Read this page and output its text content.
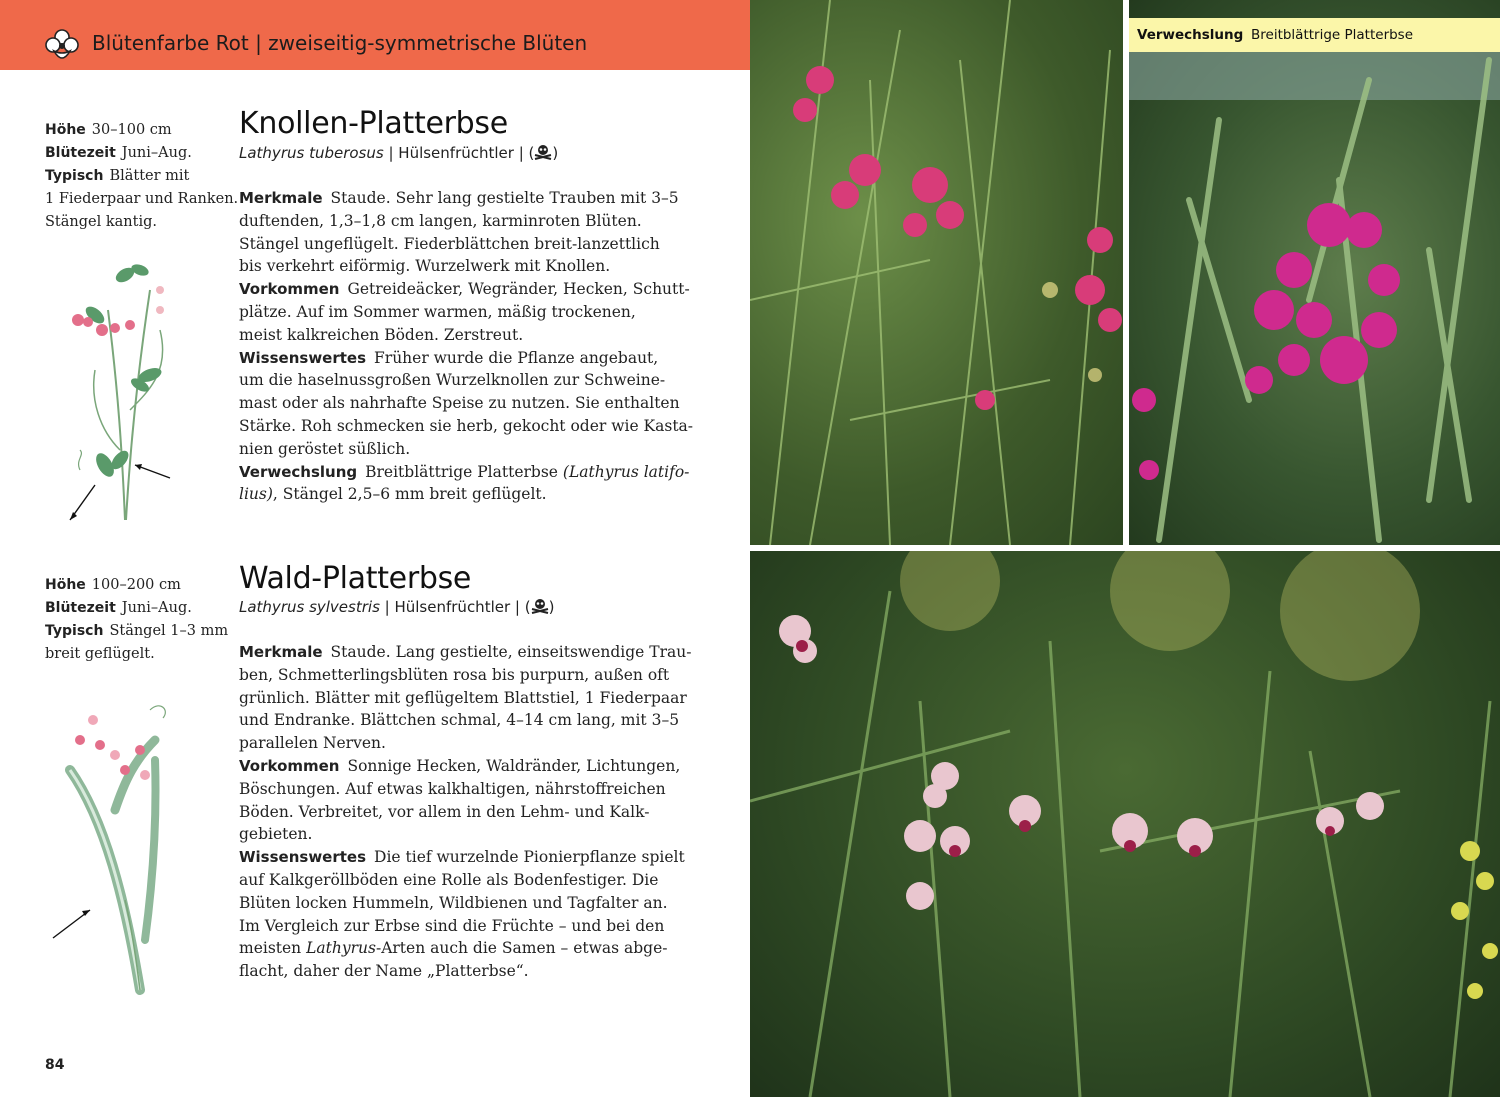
Blütenfarbe Rot | zweiseitig-symmetrische Blüten
Höhe 30–100 cm
Blütezeit Juni–Aug.
Typisch Blätter mit
1 Fiederpaar und Ranken.
Stängel kantig.
Knollen-Platterbse
Lathyrus tuberosus | Hülsenfrüchtler | ( )
Merkmale Staude. Sehr lang gestielte Trauben mit 3–5
duftenden, 1,3–1,8 cm langen, karminroten Blüten.
Stängel ungeflügelt. Fiederblättchen breit-lanzettlich
bis verkehrt eiförmig. Wurzelwerk mit Knollen.
Vorkommen Getreideäcker, Wegränder, Hecken, Schutt-
plätze. Auf im Sommer warmen, mäßig trockenen,
meist kalkreichen Böden. Zerstreut.
Wissenswertes Früher wurde die Pflanze angebaut,
um die haselnussgroßen Wurzelknollen zur Schweine-
mast oder als nahrhafte Speise zu nutzen. Sie enthalten
Stärke. Roh schmecken sie herb, gekocht oder wie Kasta-
nien geröstet süßlich.
Verwechslung Breitblättrige Platterbse (Lathyrus latifo-
lius), Stängel 2,5–6 mm breit geflügelt.
Höhe 100–200 cm
Blütezeit Juni–Aug.
Typisch Stängel 1–3 mm
breit geflügelt.
Wald-Platterbse
Lathyrus sylvestris | Hülsenfrüchtler | ( )
Merkmale Staude. Lang gestielte, einseitswendige Trau-
ben, Schmetterlingsblüten rosa bis purpurn, außen oft
grünlich. Blätter mit geflügeltem Blattstiel, 1 Fiederpaar
und Endranke. Blättchen schmal, 4–14 cm lang, mit 3–5
parallelen Nerven.
Vorkommen Sonnige Hecken, Waldränder, Lichtungen,
Böschungen. Auf etwas kalkhaltigen, nährstoffreichen
Böden. Verbreitet, vor allem in den Lehm- und Kalk-
gebieten.
Wissenswertes Die tief wurzelnde Pionierpflanze spielt
auf Kalkgeröllböden eine Rolle als Bodenfestiger. Die
Blüten locken Hummeln, Wildbienen und Tagfalter an.
Im Vergleich zur Erbse sind die Früchte – und bei den
meisten Lathyrus-Arten auch die Samen – etwas abge-
flacht, daher der Name „Platterbse“.
84
Verwechslung Breitblättrige Platterbse
